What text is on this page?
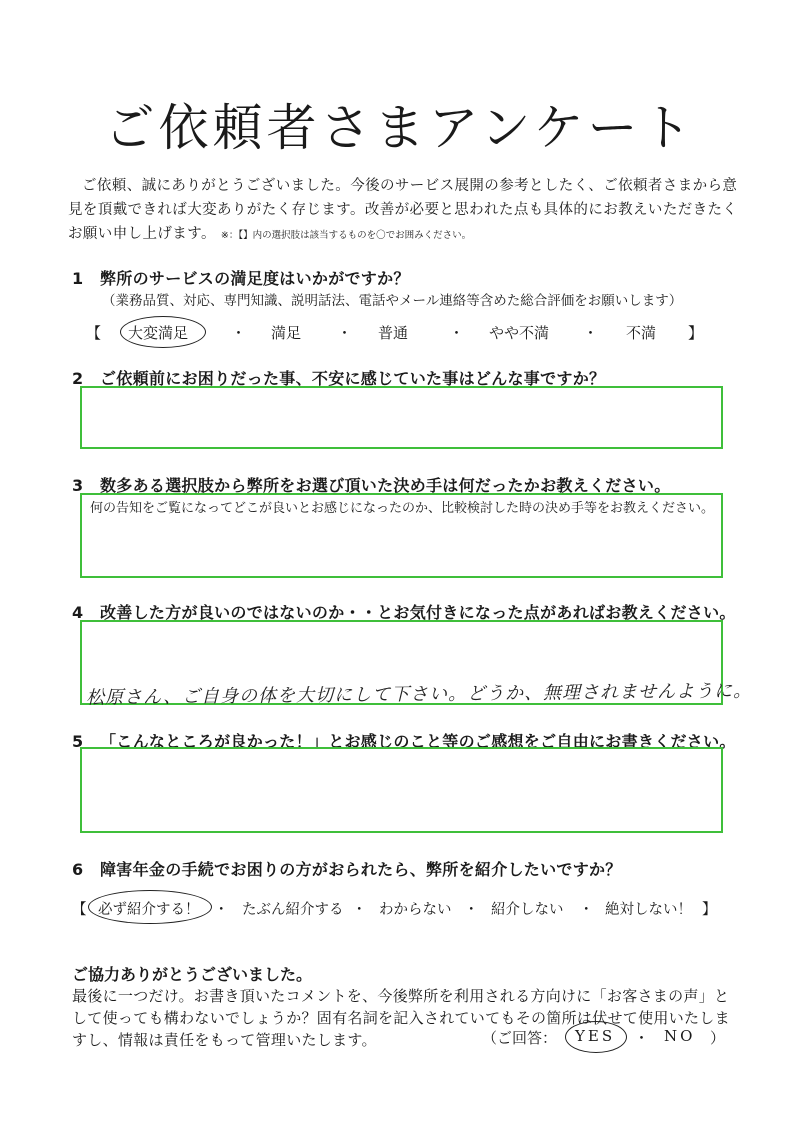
ご依頼者さまアンケート
ご依頼、誠にありがとうございました。今後のサービス展開の参考としたく、ご依頼者さまから意見を頂戴できれば大変ありがたく存じます。改善が必要と思われた点も具体的にお教えいただきたくお願い申し上げます。 ※：【】内の選択肢は該当するものを〇でお囲みください。
1 弊所のサービスの満足度はいかがですか？
（業務品質、対応、専門知識、説明話法、電話やメール連絡等含めた総合評価をお願いします）
【 大変満足	・ 満足 ・ 普通	・ やや不満 ・ 不満 】
2 ご依頼前にお困りだった事、不安に感じていた事はどんな事ですか？
3 数多ある選択肢から弊所をお選び頂いた決め手は何だったかお教えください。
何の告知をご覧になってどこが良いとお感じになったのか、比較検討した時の決め手等をお教えください。
4 改善した方が良いのではないのか・・とお気付きになった点があればお教えください。
松原さん、ご自身の体を大切にして下さい。どうか、無理されませんように。
5 「こんなところが良かった！」とお感じのこと等のご感想をご自由にお書きください。
6 障害年金の手続でお困りの方がおられたら、弊所を紹介したいですか？
【 必ず紹介する！ ・ たぶん紹介する ・ わからない ・ 紹介しない ・ 絶対しない！ 】
ご協力ありがとうございました。
最後に一つだけ。お書き頂いたコメントを、今後弊所を利用される方向けに「お客さまの声」として使っても構わないでしょうか？固有名詞を記入されていてもその箇所は伏せて使用いたしますし、情報は責任をもって管理いたします。	（ご回答： YES ・ NO ）
